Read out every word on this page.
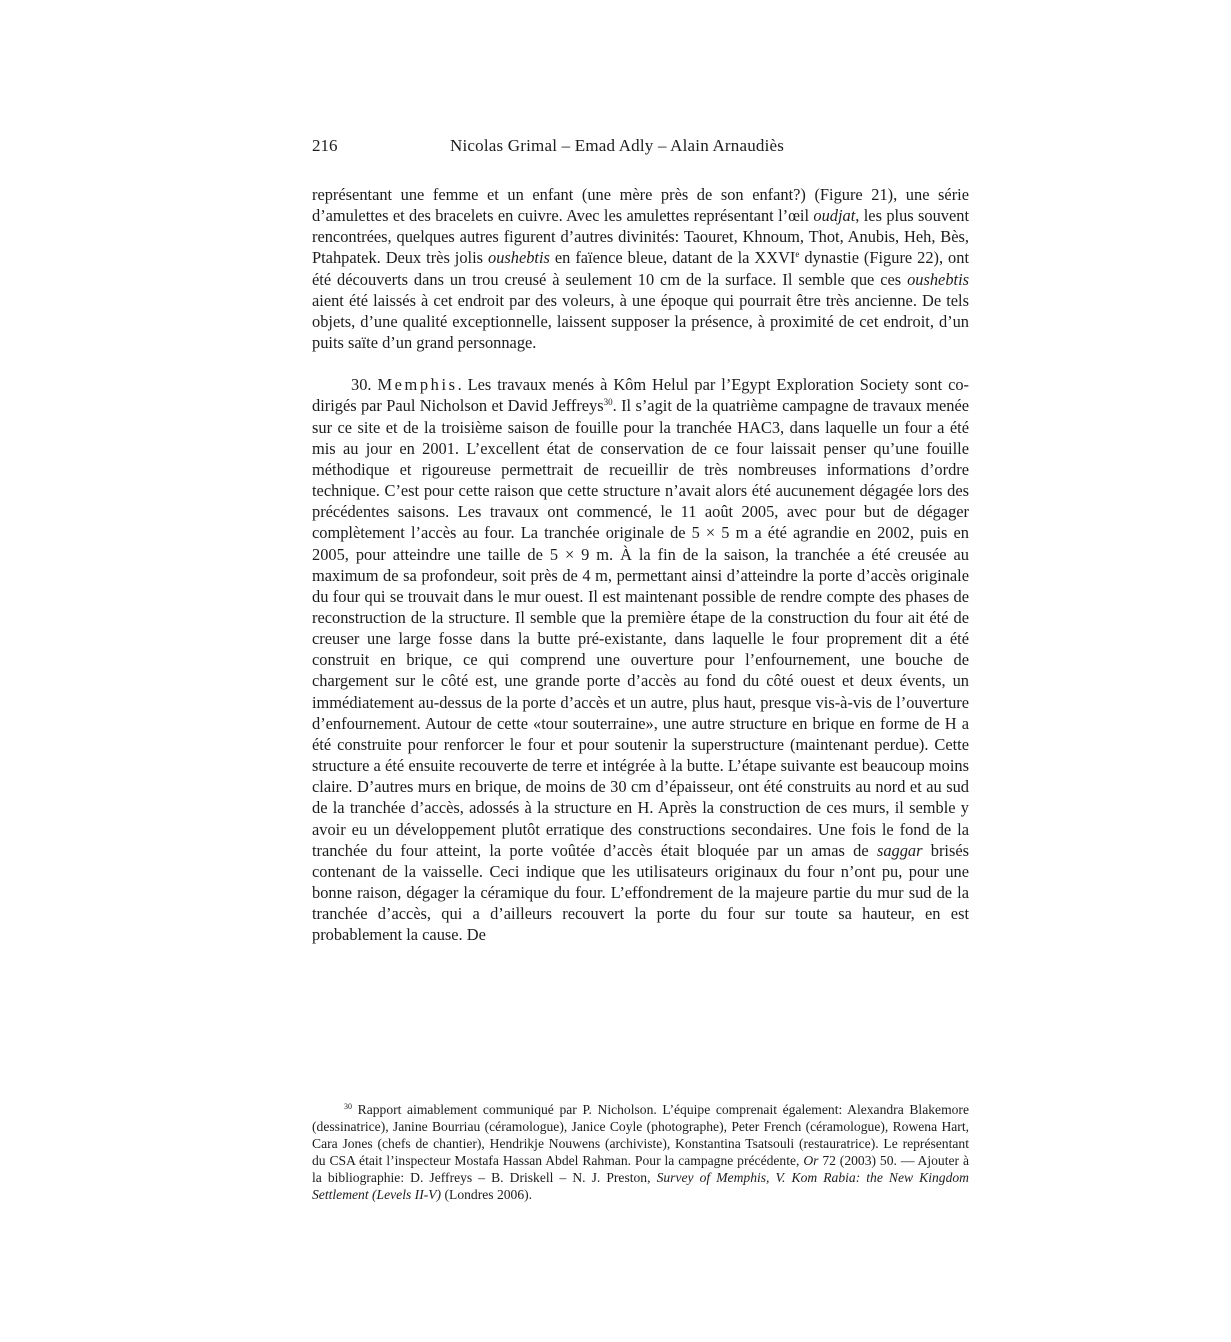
216	Nicolas Grimal – Emad Adly – Alain Arnaudiès

représentant une femme et un enfant (une mère près de son enfant?) (Figure 21), une série d’amulettes et des bracelets en cuivre. Avec les amulettes représentant l’œil oudjat, les plus souvent rencontrées, quelques autres figurent d’autres divinités: Taouret, Khnoum, Thot, Anubis, Heh, Bès, Ptahpatek. Deux très jolis oushebtis en faïence bleue, datant de la XXVIe dynastie (Figure 22), ont été découverts dans un trou creusé à seulement 10 cm de la surface. Il semble que ces oushebtis aient été laissés à cet endroit par des voleurs, à une époque qui pourrait être très ancienne. De tels objets, d’une qualité exceptionnelle, laissent supposer la présence, à proximité de cet endroit, d’un puits saïte d’un grand personnage.

30. Memphis. Les travaux menés à Kôm Helul par l’Egypt Exploration Society sont co-dirigés par Paul Nicholson et David Jeffreys$^{30}$. Il s’agit de la quatrième campagne de travaux menée sur ce site et de la troisième saison de fouille pour la tranchée HAC3, dans laquelle un four a été mis au jour en 2001. L’excellent état de conservation de ce four laissait penser qu’une fouille méthodique et rigoureuse permettrait de recueillir de très nombreuses informations d’ordre technique. C’est pour cette raison que cette structure n’avait alors été aucunement dégagée lors des précédentes saisons. Les travaux ont commencé, le 11 août 2005, avec pour but de dégager complètement l’accès au four. La tranchée originale de 5 × 5 m a été agrandie en 2002, puis en 2005, pour atteindre une taille de 5 × 9 m. À la fin de la saison, la tranchée a été creusée au maximum de sa profondeur, soit près de 4 m, permettant ainsi d’atteindre la porte d’accès originale du four qui se trouvait dans le mur ouest. Il est maintenant possible de rendre compte des phases de reconstruction de la structure. Il semble que la première étape de la construction du four ait été de creuser une large fosse dans la butte pré-existante, dans laquelle le four proprement dit a été construit en brique, ce qui comprend une ouverture pour l’enfournement, une bouche de chargement sur le côté est, une grande porte d’accès au fond du côté ouest et deux évents, un immédiatement au-dessus de la porte d’accès et un autre, plus haut, presque vis-à-vis de l’ouverture d’enfournement. Autour de cette «tour souterraine», une autre structure en brique en forme de H a été construite pour renforcer le four et pour soutenir la superstructure (maintenant perdue). Cette structure a été ensuite recouverte de terre et intégrée à la butte. L’étape suivante est beaucoup moins claire. D’autres murs en brique, de moins de 30 cm d’épaisseur, ont été construits au nord et au sud de la tranchée d’accès, adossés à la structure en H. Après la construction de ces murs, il semble y avoir eu un développement plutôt erratique des constructions secondaires. Une fois le fond de la tranchée du four atteint, la porte voûtée d’accès était bloquée par un amas de saggar brisés contenant de la vaisselle. Ceci indique que les utilisateurs originaux du four n’ont pu, pour une bonne raison, dégager la céramique du four. L’effondrement de la majeure partie du mur sud de la tranchée d’accès, qui a d’ailleurs recouvert la porte du four sur toute sa hauteur, en est probablement la cause. De

$^{30}$ Rapport aimablement communiqué par P. Nicholson. L’équipe comprenait également: Alexandra Blakemore (dessinatrice), Janine Bourriau (céramologue), Janice Coyle (photographe), Peter French (céramologue), Rowena Hart, Cara Jones (chefs de chantier), Hendrikje Nouwens (archiviste), Konstantina Tsatsouli (restauratrice). Le représentant du CSA était l’inspecteur Mostafa Hassan Abdel Rahman. Pour la campagne précédente, Or 72 (2003) 50. — Ajouter à la bibliographie: D. Jeffreys – B. Driskell – N. J. Preston, Survey of Memphis, V. Kom Rabia: the New Kingdom Settlement (Levels II-V) (Londres 2006).
